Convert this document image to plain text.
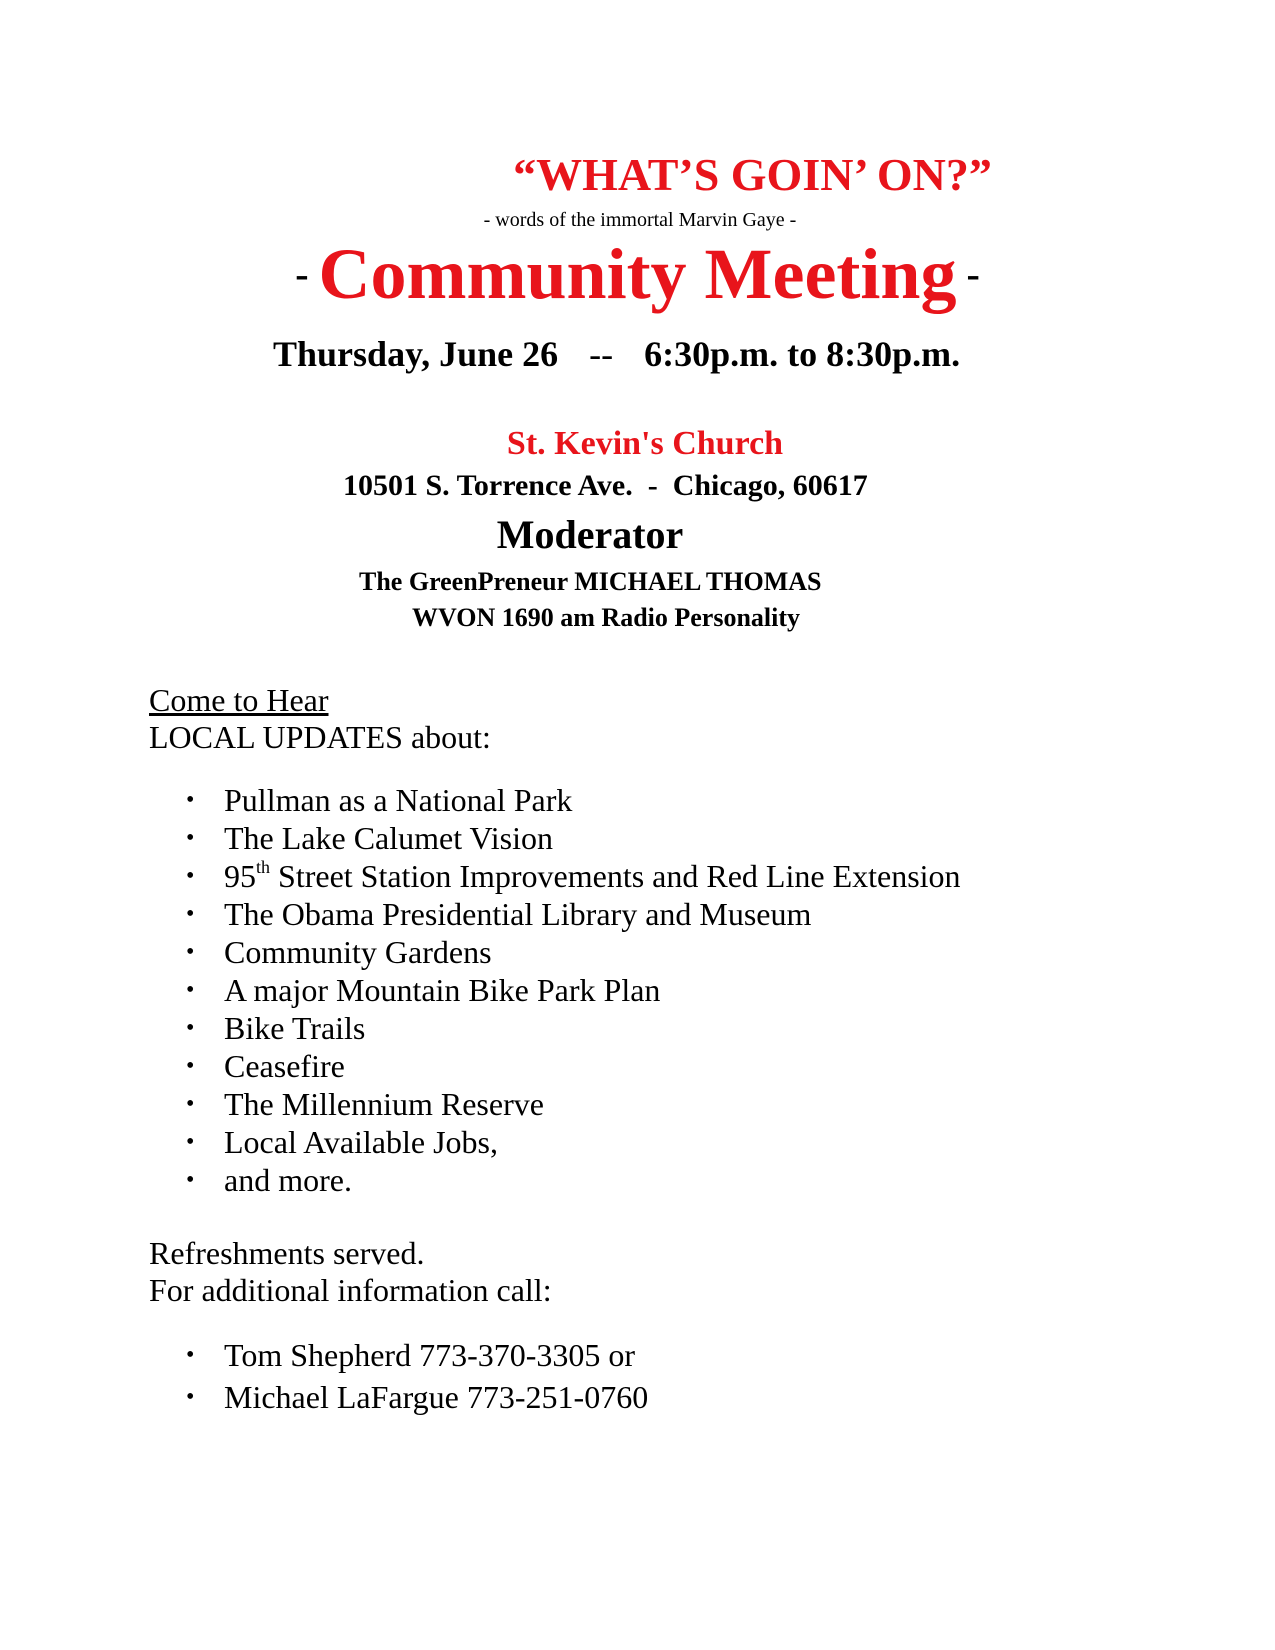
“WHAT’S GOIN’ ON?”
- words of the immortal Marvin Gaye -
- Community Meeting -
Thursday, June 26 -- 6:30p.m. to 8:30p.m.
St. Kevin's Church
10501 S. Torrence Ave.  -  Chicago, 60617
Moderator
The GreenPreneur MICHAEL THOMAS
WVON 1690 am Radio Personality
Come to Hear
LOCAL UPDATES about:
• Pullman as a National Park
• The Lake Calumet Vision
• 95th Street Station Improvements and Red Line Extension
• The Obama Presidential Library and Museum
• Community Gardens
• A major Mountain Bike Park Plan
• Bike Trails
• Ceasefire
• The Millennium Reserve
• Local Available Jobs,
• and more.
Refreshments served.
For additional information call:
• Tom Shepherd 773-370-3305 or
• Michael LaFargue 773-251-0760
